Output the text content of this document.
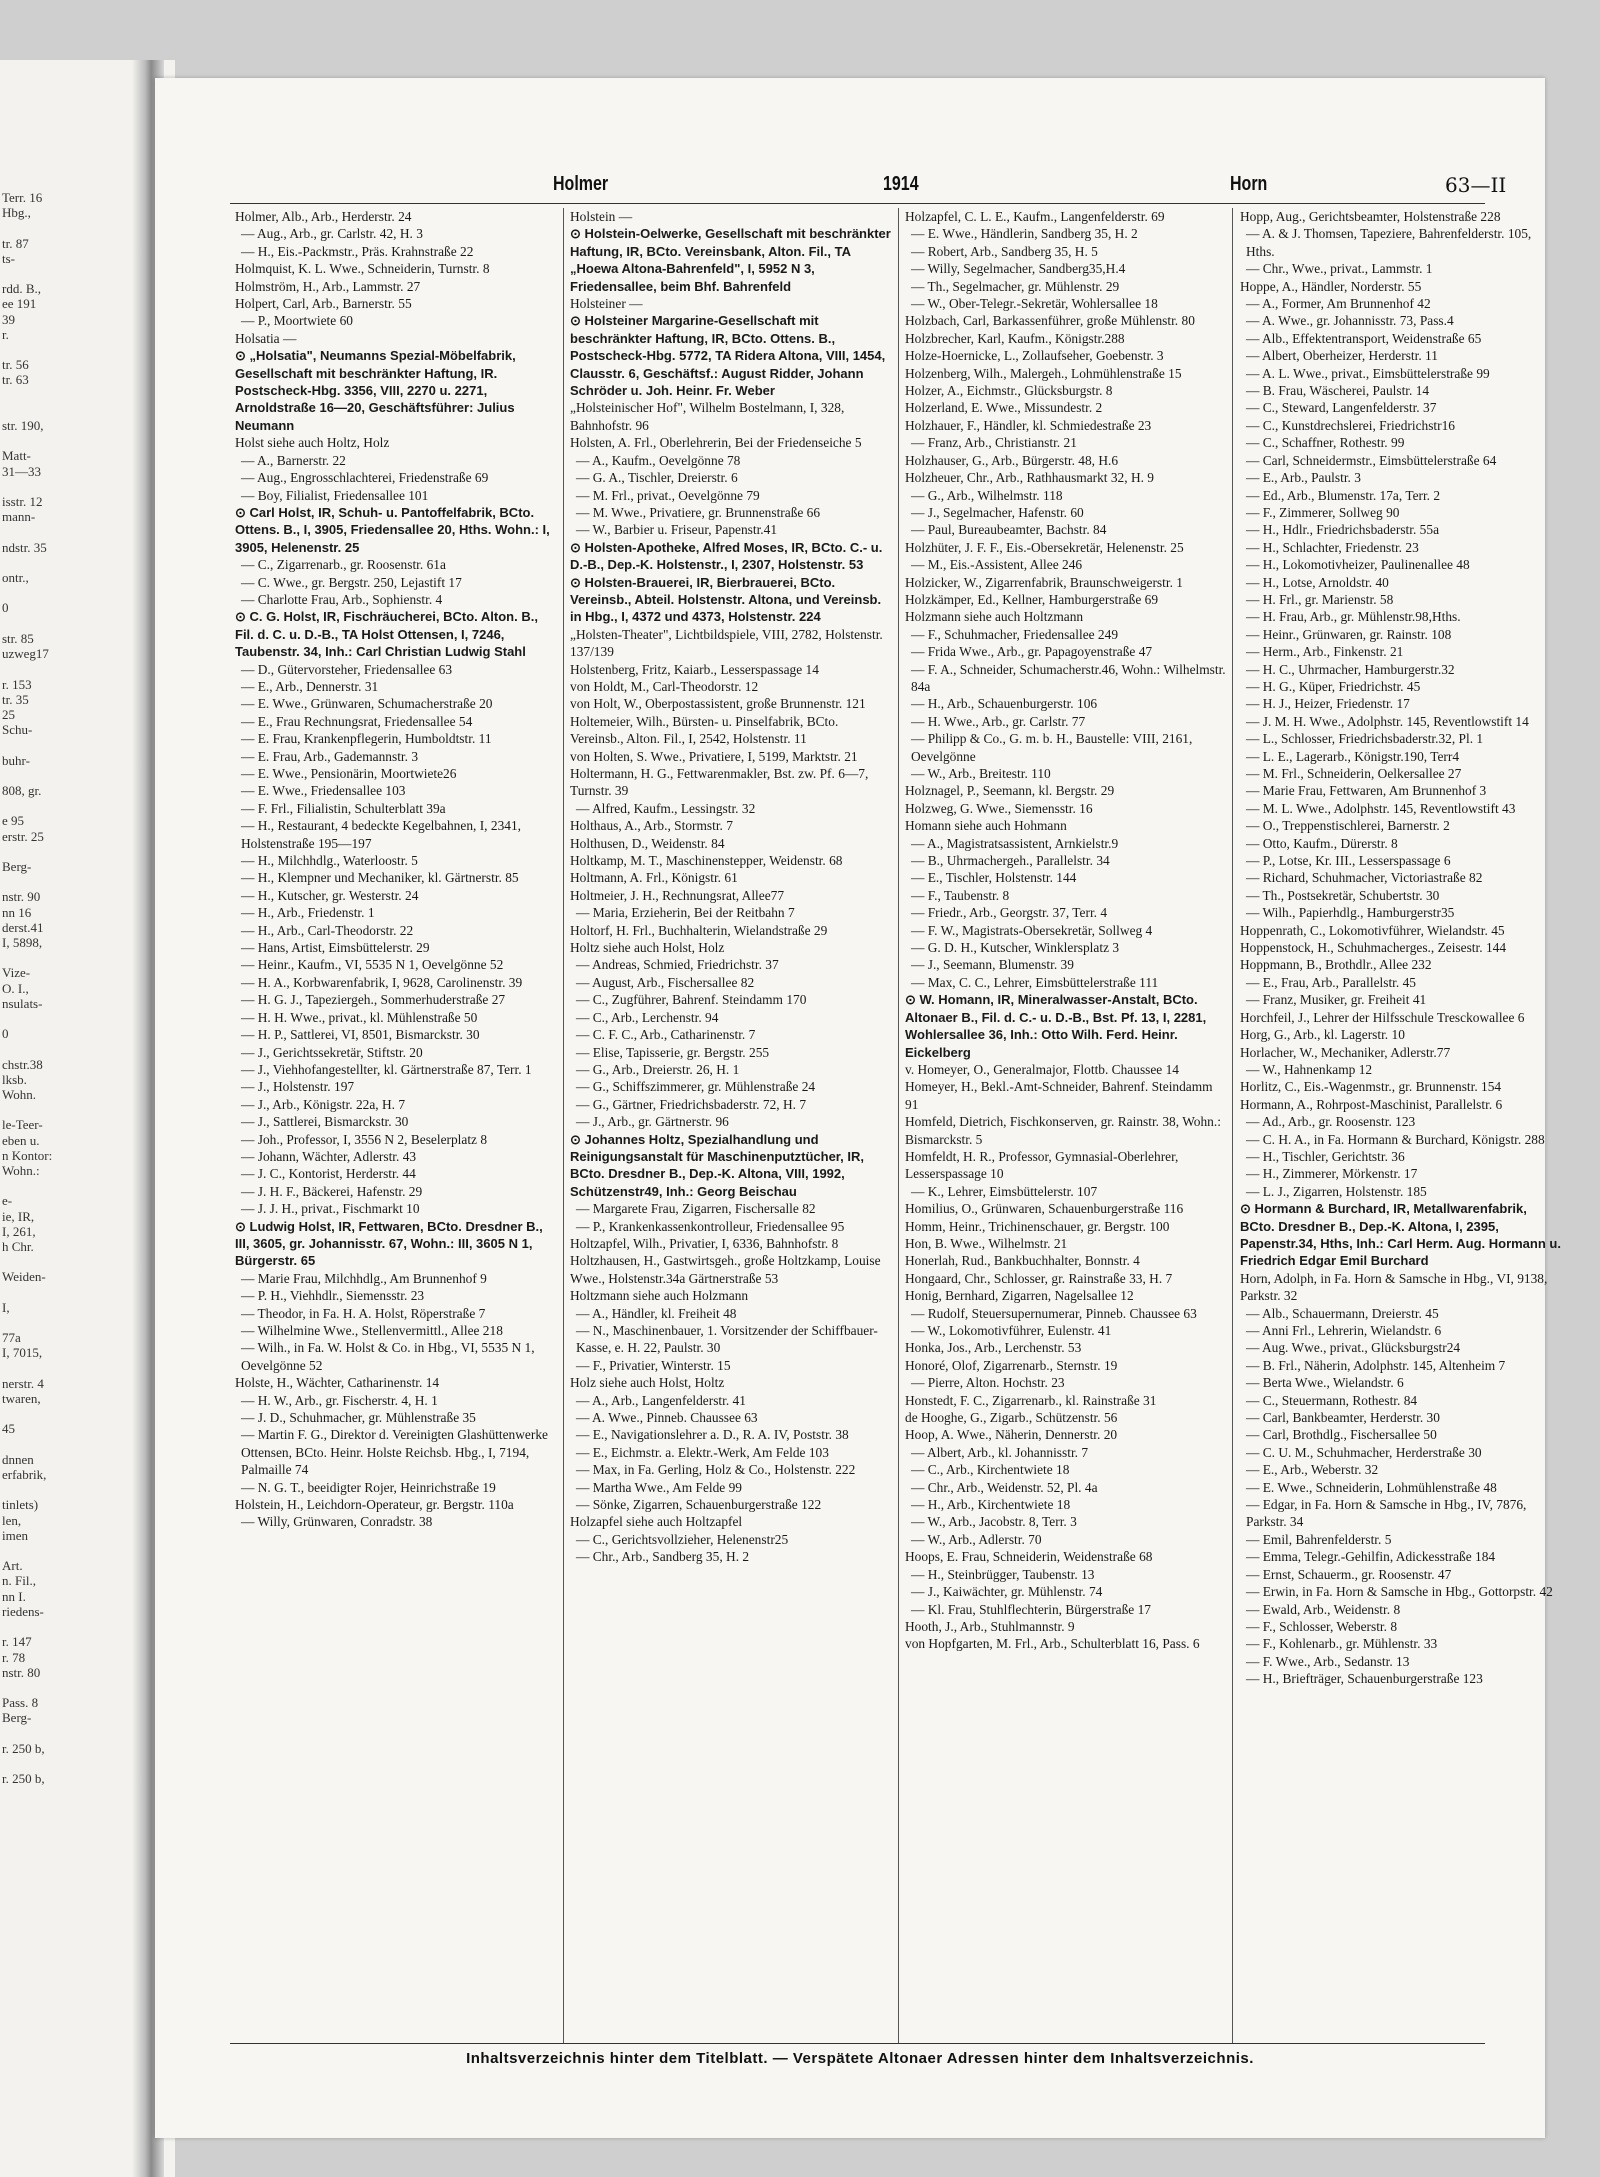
Terr. 16
Hbg.,

tr. 87
ts-

rdd. B.,
ee 191
39
r.

tr. 56
tr. 63

str. 190,

Matt-
31—33

isstr. 12
mann-

ndstr. 35

ontr.,

0

str. 85
uzweg17

r. 153
tr. 35
25
Schu-

buhr-

808, gr.

e 95
erstr. 25

Berg-

nstr. 90
nn 16
derst.41
I, 5898,

Vize-
O. I.,
nsulats-

0

chstr.38
lksb.
Wohn.

le-Teer-
eben u.
n Kontor:
Wohn.:

e-
ie, IR,
I, 261,
h Chr.

Weiden-

I,

77a
I, 7015,

nerstr. 4
twaren,

45

dnnen
erfabrik,

tinlets)
len,
imen

Art.
n. Fil.,
nn I.
riedens-

r. 147
r. 78
nstr. 80

Pass. 8
Berg-

r. 250 b,

r. 250 b,
Holmer	1914	Horn	63—II
Holmer, Alb., Arb., Herderstr. 24
— Aug., Arb., gr. Carlstr. 42, H. 3
— H., Eis.-Packmstr., Präs. Krahnstraße 22
Holmquist, K. L. Wwe., Schneiderin, Turnstr. 8
Holmström, H., Arb., Lammstr. 27
Holpert, Carl, Arb., Barnerstr. 55
— P., Moortwiete 60
Holsatia —
⊙ „Holsatia", Neumanns Spezial-Möbelfabrik, Gesellschaft mit beschränkter Haftung, IR. Postscheck-Hbg. 3356, VIII, 2270 u. 2271, Arnoldstraße 16—20, Geschäftsführer: Julius Neumann
Holst siehe auch Holtz, Holz
— A., Barnerstr. 22
— Aug., Engrosschlachterei, Friedenstraße 69
— Boy, Filialist, Friedensallee 101
⊙ Carl Holst, IR, Schuh- u. Pantoffelfabrik, BCto. Ottens. B., I, 3905, Friedensallee 20, Hths. Wohn.: I, 3905, Helenenstr. 25
— C., Zigarrenarb., gr. Roosenstr. 61a
— C. Wwe., gr. Bergstr. 250, Lejastift 17
— Charlotte Frau, Arb., Sophienstr. 4
⊙ C. G. Holst, IR, Fischräucherei, BCto. Alton. B., Fil. d. C. u. D.-B., TA Holst Ottensen, I, 7246, Taubenstr. 34, Inh.: Carl Christian Ludwig Stahl
— D., Gütervorsteher, Friedensallee 63
— E., Arb., Dennerstr. 31
— E. Wwe., Grünwaren, Schumacherstraße 20
— E., Frau Rechnungsrat, Friedensallee 54
— E. Frau, Krankenpflegerin, Humboldtstr. 11
— E. Frau, Arb., Gademannstr. 3
— E. Wwe., Pensionärin, Moortwiete26
— E. Wwe., Friedensallee 103
— F. Frl., Filialistin, Schulterblatt 39a
— H., Restaurant, 4 bedeckte Kegelbahnen, I, 2341, Holstenstraße 195—197
— H., Milchhdlg., Waterloostr. 5
— H., Klempner und Mechaniker, kl. Gärtnerstr. 85
— H., Kutscher, gr. Westerstr. 24
— H., Arb., Friedenstr. 1
— H., Arb., Carl-Theodorstr. 22
— Hans, Artist, Eimsbüttelerstr. 29
— Heinr., Kaufm., VI, 5535 N 1, Oevelgönne 52
— H. A., Korbwarenfabrik, I, 9628, Carolinenstr. 39
— H. G. J., Tapeziergeh., Sommerhuderstraße 27
— H. H. Wwe., privat., kl. Mühlenstraße 50
— H. P., Sattlerei, VI, 8501, Bismarckstr. 30
— J., Gerichtssekretär, Stiftstr. 20
— J., Viehhofangestellter, kl. Gärtnerstraße 87, Terr. 1
— J., Holstenstr. 197
— J., Arb., Königstr. 22a, H. 7
— J., Sattlerei, Bismarckstr. 30
— Joh., Professor, I, 3556 N 2, Beselerplatz 8
— Johann, Wächter, Adlerstr. 43
— J. C., Kontorist, Herderstr. 44
— J. H. F., Bäckerei, Hafenstr. 29
— J. J. H., privat., Fischmarkt 10
⊙ Ludwig Holst, IR, Fettwaren, BCto. Dresdner B., III, 3605, gr. Johannisstr. 67, Wohn.: III, 3605 N 1, Bürgerstr. 65
— Marie Frau, Milchhdlg., Am Brunnenhof 9
— P. H., Viehhdlr., Siemensstr. 23
— Theodor, in Fa. H. A. Holst, Röperstraße 7
— Wilhelmine Wwe., Stellenvermittl., Allee 218
— Wilh., in Fa. W. Holst & Co. in Hbg., VI, 5535 N 1, Oevelgönne 52
Holste, H., Wächter, Catharinenstr. 14
— H. W., Arb., gr. Fischerstr. 4, H. 1
— J. D., Schuhmacher, gr. Mühlenstraße 35
— Martin F. G., Direktor d. Vereinigten Glashüttenwerke Ottensen, BCto. Heinr. Holste Reichsb. Hbg., I, 7194, Palmaille 74
— N. G. T., beeidigter Rojer, Heinrichstraße 19
Holstein, H., Leichdorn-Operateur, gr. Bergstr. 110a
— Willy, Grünwaren, Conradstr. 38
Holstein —
⊙ Holstein-Oelwerke, Gesellschaft mit beschränkter Haftung, IR, BCto. Vereinsbank, Alton. Fil., TA „Hoewa Altona-Bahrenfeld", I, 5952 N 3, Friedensallee, beim Bhf. Bahrenfeld
Holsteiner —
⊙ Holsteiner Margarine-Gesellschaft mit beschränkter Haftung, IR, BCto. Ottens. B., Postscheck-Hbg. 5772, TA Ridera Altona, VIII, 1454, Clausstr. 6, Geschäftsf.: August Ridder, Johann Schröder u. Joh. Heinr. Fr. Weber
„Holsteinischer Hof", Wilhelm Bostelmann, I, 328, Bahnhofstr. 96
Holsten, A. Frl., Oberlehrerin, Bei der Friedenseiche 5
— A., Kaufm., Oevelgönne 78
— G. A., Tischler, Dreierstr. 6
— M. Frl., privat., Oevelgönne 79
— M. Wwe., Privatiere, gr. Brunnenstraße 66
— W., Barbier u. Friseur, Papenstr.41
⊙ Holsten-Apotheke, Alfred Moses, IR, BCto. C.- u. D.-B., Dep.-K. Holstenstr., I, 2307, Holstenstr. 53
⊙ Holsten-Brauerei, IR, Bierbrauerei, BCto. Vereinsb., Abteil. Holstenstr. Altona, und Vereinsb. in Hbg., I, 4372 und 4373, Holstenstr. 224
„Holsten-Theater", Lichtbildspiele, VIII, 2782, Holstenstr. 137/139
Holstenberg, Fritz, Kaiarb., Lesserspassage 14
von Holdt, M., Carl-Theodorstr. 12
von Holt, W., Oberpostassistent, große Brunnenstr. 121
Holtemeier, Wilh., Bürsten- u. Pinselfabrik, BCto. Vereinsb., Alton. Fil., I, 2542, Holstenstr. 11
von Holten, S. Wwe., Privatiere, I, 5199, Marktstr. 21
Holtermann, H. G., Fettwarenmakler, Bst. zw. Pf. 6—7, Turnstr. 39
— Alfred, Kaufm., Lessingstr. 32
Holthaus, A., Arb., Stormstr. 7
Holthusen, D., Weidenstr. 84
Holtkamp, M. T., Maschinenstepper, Weidenstr. 68
Holtmann, A. Frl., Königstr. 61
Holtmeier, J. H., Rechnungsrat, Allee77
— Maria, Erzieherin, Bei der Reitbahn 7
Holtorf, H. Frl., Buchhalterin, Wielandstraße 29
Holtz siehe auch Holst, Holz
— Andreas, Schmied, Friedrichstr. 37
— August, Arb., Fischersallee 82
— C., Zugführer, Bahrenf. Steindamm 170
— C., Arb., Lerchenstr. 94
— C. F. C., Arb., Catharinenstr. 7
— Elise, Tapisserie, gr. Bergstr. 255
— G., Arb., Dreierstr. 26, H. 1
— G., Schiffszimmerer, gr. Mühlenstraße 24
— G., Gärtner, Friedrichsbaderstr. 72, H. 7
— J., Arb., gr. Gärtnerstr. 96
⊙ Johannes Holtz, Spezialhandlung und Reinigungsanstalt für Maschinenputztücher, IR, BCto. Dresdner B., Dep.-K. Altona, VIII, 1992, Schützenstr49, Inh.: Georg Beischau
— Margarete Frau, Zigarren, Fischersalle 82
— P., Krankenkassenkontrolleur, Friedensallee 95
Holtzapfel, Wilh., Privatier, I, 6336, Bahnhofstr. 8
Holtzhausen, H., Gastwirtsgeh., große Holtzkamp, Louise Wwe., Holstenstr.34a Gärtnerstraße 53
Holtzmann siehe auch Holzmann
— A., Händler, kl. Freiheit 48
— N., Maschinenbauer, 1. Vorsitzender der Schiffbauer-Kasse, e. H. 22, Paulstr. 30
— F., Privatier, Winterstr. 15
Holz siehe auch Holst, Holtz
— A., Arb., Langenfelderstr. 41
— A. Wwe., Pinneb. Chaussee 63
— E., Navigationslehrer a. D., R. A. IV, Poststr. 38
— E., Eichmstr. a. Elektr.-Werk, Am Felde 103
— Max, in Fa. Gerling, Holz & Co., Holstenstr. 222
— Martha Wwe., Am Felde 99
— Sönke, Zigarren, Schauenburgerstraße 122
Holzapfel siehe auch Holtzapfel
— C., Gerichtsvollzieher, Helenenstr25
— Chr., Arb., Sandberg 35, H. 2
Holzapfel, C. L. E., Kaufm., Langenfelderstr. 69
— E. Wwe., Händlerin, Sandberg 35, H. 2
— Robert, Arb., Sandberg 35, H. 5
— Willy, Segelmacher, Sandberg35,H.4
— Th., Segelmacher, gr. Mühlenstr. 29
— W., Ober-Telegr.-Sekretär, Wohlersallee 18
Holzbach, Carl, Barkassenführer, große Mühlenstr. 80
Holzbrecher, Karl, Kaufm., Königstr.288
Holze-Hoernicke, L., Zollaufseher, Goebenstr. 3
Holzenberg, Wilh., Malergeh., Lohmühlenstraße 15
Holzer, A., Eichmstr., Glücksburgstr. 8
Holzerland, E. Wwe., Missundestr. 2
Holzhauer, F., Händler, kl. Schmiedestraße 23
— Franz, Arb., Christianstr. 21
Holzhauser, G., Arb., Bürgerstr. 48, H.6
Holzheuer, Chr., Arb., Rathhausmarkt 32, H. 9
— G., Arb., Wilhelmstr. 118
— J., Segelmacher, Hafenstr. 60
— Paul, Bureaubeamter, Bachstr. 84
Holzhüter, J. F. F., Eis.-Obersekretär, Helenenstr. 25
— M., Eis.-Assistent, Allee 246
Holzicker, W., Zigarrenfabrik, Braunschweigerstr. 1
Holzkämper, Ed., Kellner, Hamburgerstraße 69
Holzmann siehe auch Holtzmann
— F., Schuhmacher, Friedensallee 249
— Frida Wwe., Arb., gr. Papagoyenstraße 47
— F. A., Schneider, Schumacherstr.46, Wohn.: Wilhelmstr. 84a
— H., Arb., Schauenburgerstr. 106
— H. Wwe., Arb., gr. Carlstr. 77
— Philipp & Co., G. m. b. H., Baustelle: VIII, 2161, Oevelgönne
— W., Arb., Breitestr. 110
Holznagel, P., Seemann, kl. Bergstr. 29
Holzweg, G. Wwe., Siemensstr. 16
Homann siehe auch Hohmann
— A., Magistratsassistent, Arnkielstr.9
— B., Uhrmachergeh., Parallelstr. 34
— E., Tischler, Holstenstr. 144
— F., Taubenstr. 8
— Friedr., Arb., Georgstr. 37, Terr. 4
— F. W., Magistrats-Obersekretär, Sollweg 4
— G. D. H., Kutscher, Winklersplatz 3
— J., Seemann, Blumenstr. 39
— Max, C. C., Lehrer, Eimsbüttelerstraße 111
⊙ W. Homann, IR, Mineralwasser-Anstalt, BCto. Altonaer B., Fil. d. C.- u. D.-B., Bst. Pf. 13, I, 2281, Wohlersallee 36, Inh.: Otto Wilh. Ferd. Heinr. Eickelberg
v. Homeyer, O., Generalmajor, Flottb. Chaussee 14
Homeyer, H., Bekl.-Amt-Schneider, Bahrenf. Steindamm 91
Homfeld, Dietrich, Fischkonserven, gr. Rainstr. 38, Wohn.: Bismarckstr. 5
Homfeldt, H. R., Professor, Gymnasial-Oberlehrer, Lesserspassage 10
— K., Lehrer, Eimsbüttelerstr. 107
Homilius, O., Grünwaren, Schauenburgerstraße 116
Homm, Heinr., Trichinenschauer, gr. Bergstr. 100
Hon, B. Wwe., Wilhelmstr. 21
Honerlah, Rud., Bankbuchhalter, Bonnstr. 4
Hongaard, Chr., Schlosser, gr. Rainstraße 33, H. 7
Honig, Bernhard, Zigarren, Nagelsallee 12
— Rudolf, Steuersupernumerar, Pinneb. Chaussee 63
— W., Lokomotivführer, Eulenstr. 41
Honka, Jos., Arb., Lerchenstr. 53
Honoré, Olof, Zigarrenarb., Sternstr. 19
— Pierre, Alton. Hochstr. 23
Honstedt, F. C., Zigarrenarb., kl. Rainstraße 31
de Hooghe, G., Zigarb., Schützenstr. 56
Hoop, A. Wwe., Näherin, Dennerstr. 20
— Albert, Arb., kl. Johannisstr. 7
— C., Arb., Kirchentwiete 18
— Chr., Arb., Weidenstr. 52, Pl. 4a
— H., Arb., Kirchentwiete 18
— W., Arb., Jacobstr. 8, Terr. 3
— W., Arb., Adlerstr. 70
Hoops, E. Frau, Schneiderin, Weidenstraße 68
— H., Steinbrügger, Taubenstr. 13
— J., Kaiwächter, gr. Mühlenstr. 74
— Kl. Frau, Stuhlflechterin, Bürgerstraße 17
Hooth, J., Arb., Stuhlmannstr. 9
von Hopfgarten, M. Frl., Arb., Schulterblatt 16, Pass. 6
Hopp, Aug., Gerichtsbeamter, Holstenstraße 228
— A. & J. Thomsen, Tapeziere, Bahrenfelderstr. 105, Hths.
— Chr., Wwe., privat., Lammstr. 1
Hoppe, A., Händler, Norderstr. 55
— A., Former, Am Brunnenhof 42
— A. Wwe., gr. Johannisstr. 73, Pass.4
— Alb., Effektentransport, Weidenstraße 65
— Albert, Oberheizer, Herderstr. 11
— A. L. Wwe., privat., Eimsbüttelerstraße 99
— B. Frau, Wäscherei, Paulstr. 14
— C., Steward, Langenfelderstr. 37
— C., Kunstdrechslerei, Friedrichstr16
— C., Schaffner, Rothestr. 99
— Carl, Schneidermstr., Eimsbüttelerstraße 64
— E., Arb., Paulstr. 3
— Ed., Arb., Blumenstr. 17a, Terr. 2
— F., Zimmerer, Sollweg 90
— H., Hdlr., Friedrichsbaderstr. 55a
— H., Schlachter, Friedenstr. 23
— H., Lokomotivheizer, Paulinenallee 48
— H., Lotse, Arnoldstr. 40
— H. Frl., gr. Marienstr. 58
— H. Frau, Arb., gr. Mühlenstr.98,Hths.
— Heinr., Grünwaren, gr. Rainstr. 108
— Herm., Arb., Finkenstr. 21
— H. C., Uhrmacher, Hamburgerstr.32
— H. G., Küper, Friedrichstr. 45
— H. J., Heizer, Friedenstr. 17
— J. M. H. Wwe., Adolphstr. 145, Reventlowstift 14
— L., Schlosser, Friedrichsbaderstr.32, Pl. 1
— L. E., Lagerarb., Königstr.190, Terr4
— M. Frl., Schneiderin, Oelkersallee 27
— Marie Frau, Fettwaren, Am Brunnenhof 3
— M. L. Wwe., Adolphstr. 145, Reventlowstift 43
— O., Treppenstischlerei, Barnerstr. 2
— Otto, Kaufm., Dürerstr. 8
— P., Lotse, Kr. III., Lesserspassage 6
— Richard, Schuhmacher, Victoriastraße 82
— Th., Postsekretär, Schubertstr. 30
— Wilh., Papierhdlg., Hamburgerstr35
Hoppenrath, C., Lokomotivführer, Wielandstr. 45
Hoppenstock, H., Schuhmacherges., Zeisestr. 144
Hoppmann, B., Brothdlr., Allee 232
— E., Frau, Arb., Parallelstr. 45
— Franz, Musiker, gr. Freiheit 41
Horchfeil, J., Lehrer der Hilfsschule Tresckowallee 6
Horg, G., Arb., kl. Lagerstr. 10
Horlacher, W., Mechaniker, Adlerstr.77
— W., Hahnenkamp 12
Horlitz, C., Eis.-Wagenmstr., gr. Brunnenstr. 154
Hormann, A., Rohrpost-Maschinist, Parallelstr. 6
— Ad., Arb., gr. Roosenstr. 123
— C. H. A., in Fa. Hormann & Burchard, Königstr. 288
— H., Tischler, Gerichtstr. 36
— H., Zimmerer, Mörkenstr. 17
— L. J., Zigarren, Holstenstr. 185
⊙ Hormann & Burchard, IR, Metallwarenfabrik, BCto. Dresdner B., Dep.-K. Altona, I, 2395, Papenstr.34, Hths, Inh.: Carl Herm. Aug. Hormann u. Friedrich Edgar Emil Burchard
Horn, Adolph, in Fa. Horn & Samsche in Hbg., VI, 9138, Parkstr. 32
— Alb., Schauermann, Dreierstr. 45
— Anni Frl., Lehrerin, Wielandstr. 6
— Aug. Wwe., privat., Glücksburgstr24
— B. Frl., Näherin, Adolphstr. 145, Altenheim 7
— Berta Wwe., Wielandstr. 6
— C., Steuermann, Rothestr. 84
— Carl, Bankbeamter, Herderstr. 30
— Carl, Brothdlg., Fischersallee 50
— C. U. M., Schuhmacher, Herderstraße 30
— E., Arb., Weberstr. 32
— E. Wwe., Schneiderin, Lohmühlenstraße 48
— Edgar, in Fa. Horn & Samsche in Hbg., IV, 7876, Parkstr. 34
— Emil, Bahrenfelderstr. 5
— Emma, Telegr.-Gehilfin, Adickesstraße 184
— Ernst, Schauerm., gr. Roosenstr. 47
— Erwin, in Fa. Horn & Samsche in Hbg., Gottorpstr. 42
— Ewald, Arb., Weidenstr. 8
— F., Schlosser, Weberstr. 8
— F., Kohlenarb., gr. Mühlenstr. 33
— F. Wwe., Arb., Sedanstr. 13
— H., Briefträger, Schauenburgerstraße 123
Inhaltsverzeichnis hinter dem Titelblatt. — Verspätete Altonaer Adressen hinter dem Inhaltsverzeichnis.
